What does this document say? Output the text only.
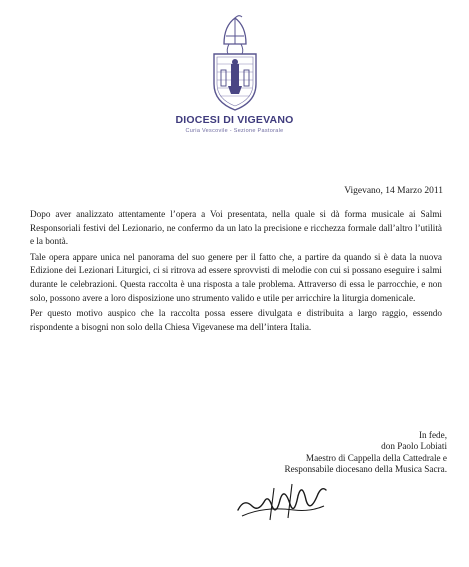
DIOCESI DI VIGEVANO
Curia Vescovile - Sezione Pastorale
Vigevano, 14 Marzo 2011

Dopo aver analizzato attentamente l’opera a Voi presentata, nella quale si dà forma musicale ai Salmi Responsoriali festivi del Lezionario, ne confermo da un lato la precisione e ricchezza formale dall’altro l’utilità e la bontà.

Tale opera appare unica nel panorama del suo genere per il fatto che, a partire da quando si è data la nuova Edizione dei Lezionari Liturgici, ci si ritrova ad essere sprovvisti di melodie con cui si possano eseguire i salmi durante le celebrazioni. Questa raccolta è una risposta a tale problema. Attraverso di essa le parrocchie, e non solo, possono avere a loro disposizione uno strumento valido e utile per arricchire la liturgia domenicale.

Per questo motivo auspico che la raccolta possa essere divulgata e distribuita a largo raggio, essendo rispondente a bisogni non solo della Chiesa Vigevanese ma dell’intera Italia.

In fede,
don Paolo Lobiati
Maestro di Cappella della Cattedrale e
Responsabile diocesano della Musica Sacra.
